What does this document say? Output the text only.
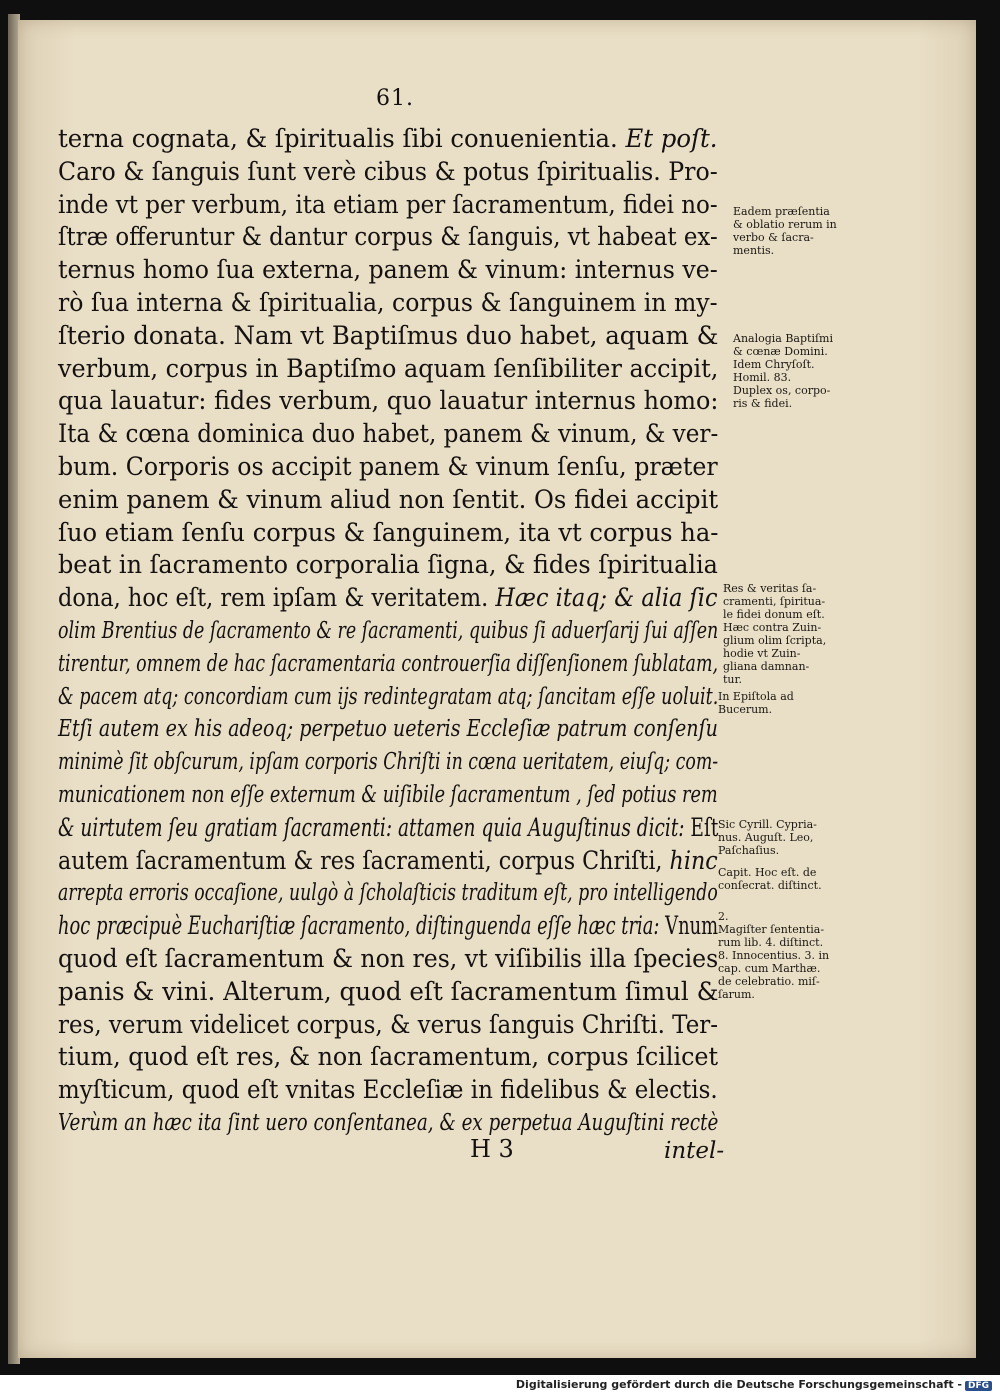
61.
terna cognata, & ſpiritualis ſibi conuenientia. Et poſt.
Caro & ſanguis ſunt verè cibus & potus ſpiritualis. Pro-
inde vt per verbum, ita etiam per ſacramentum, fidei no-
ſtræ offeruntur & dantur corpus & ſanguis, vt habeat ex-
ternus homo ſua externa, panem & vinum: internus ve-
rò ſua interna & ſpiritualia, corpus & ſanguinem in my-
ſterio donata. Nam vt Baptiſmus duo habet, aquam &
verbum, corpus in Baptiſmo aquam ſenſibiliter accipit,
qua lauatur: fides verbum, quo lauatur internus homo:
Ita & cœna dominica duo habet, panem & vinum, & ver-
bum. Corporis os accipit panem & vinum ſenſu, præter
enim panem & vinum aliud non ſentit. Os fidei accipit
ſuo etiam ſenſu corpus & ſanguinem, ita vt corpus ha-
beat in ſacramento corporalia ſigna, & fides ſpiritualia
dona, hoc eſt, rem ipſam & veritatem. Hæc itaq; & alia ſic
olim Brentius de ſacramento & re ſacramenti, quibus ſi aduerſarij ſui aſſen
tirentur, omnem de hac ſacramentaria controuerſia diſſenſionem ſublatam,
& pacem atq; concordiam cum ijs redintegratam atq; ſancitam eſſe uoluit.
Etſi autem ex his adeoq; perpetuo ueteris Eccleſiæ patrum conſenſu
minimè ſit obſcurum, ipſam corporis Chriſti in cœna ueritatem, eiuſq; com-
municationem non eſſe externum & uiſibile ſacramentum , ſed potius rem
& uirtutem ſeu gratiam ſacramenti: attamen quia Auguſtinus dicit: Eſt
autem ſacramentum & res ſacramenti, corpus Chriſti, hinc
arrepta erroris occaſione, uulgò à ſcholaſticis traditum eſt, pro intelligendo
hoc præcipuè Euchariſtiæ ſacramento, diſtinguenda eſſe hæc tria: Vnum
quod eſt ſacramentum & non res, vt viſibilis illa ſpecies
panis & vini. Alterum, quod eſt ſacramentum ſimul &
res, verum videlicet corpus, & verus ſanguis Chriſti. Ter-
tium, quod eſt res, & non ſacramentum, corpus ſcilicet
myſticum, quod eſt vnitas Eccleſiæ in fidelibus & electis.
Verùm an hæc ita ſint uero conſentanea, & ex perpetua Auguſtini rectè
Eadem præſentia
& oblatio rerum in
verbo & ſacra-
mentis.
Analogia Baptiſmi
& cœnæ Domini.
Idem Chryſoſt.
Homil. 83.
Duplex os, corpo-
ris & fidei.
Res & veritas ſa-
cramenti, ſpiritua-
le fidei donum eſt.
Hæc contra Zuin-
glium olim ſcripta,
hodie vt Zuin-
gliana damnan-
tur.
In Epiſtola ad
Bucerum.
Sic Cyrill. Cypria-
nus. Auguſt. Leo,
Paſchaſius.
Capit. Hoc eſt. de
conſecrat. diſtinct.
2.
Magiſter ſententia-
rum lib. 4. diſtinct.
8. Innocentius. 3. in
cap. cum Marthæ.
de celebratio. miſ-
ſarum.
H 3	intel-
Digitalisierung gefördert durch die Deutsche Forschungsgemeinschaft - DFG
